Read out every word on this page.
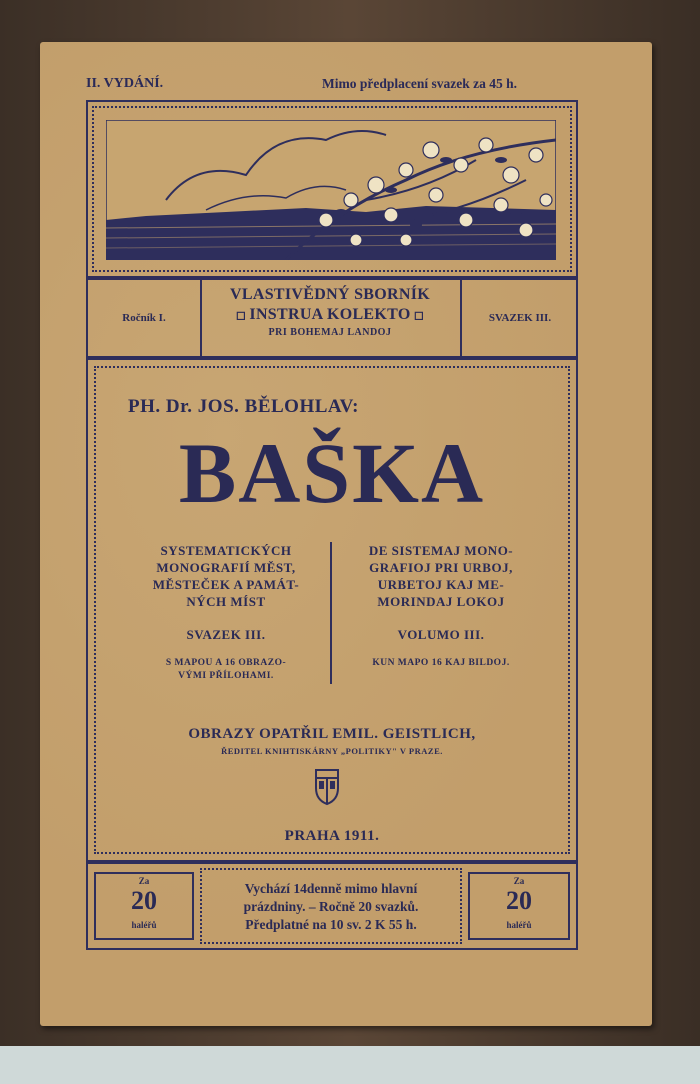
II. VYDÁNÍ.	Mimo předplacení svazek za 45 h.
Ročník I.
VLASTIVĚDNÝ SBORNÍK
◻ INSTRUA KOLEKTO ◻
PRI BOHEMAJ LANDOJ
SVAZEK III.
PH. Dr. JOS. BĚLOHLAV:
BAŠKA
SYSTEMATICKÝCH
MONOGRAFIÍ MĚST,
MĚSTEČEK A PAMÁT-
NÝCH MÍST
SVAZEK III.
S MAPOU A 16 OBRAZO-
VÝMI PŘÍLOHAMI.
DE SISTEMAJ MONO-
GRAFIOJ PRI URBOJ,
URBETOJ KAJ ME-
MORINDAJ LOKOJ
VOLUMO III.
KUN MAPO 16 KAJ BILDOJ.
OBRAZY OPATŘIL EMIL. GEISTLICH,
ŘEDITEL KNIHTISKÁRNY „POLITIKY" V PRAZE.
PRAHA 1911.
Za
20
haléřů
Vychází 14denně mimo hlavní
prázdniny. – Ročně 20 svazků.
Předplatné na 10 sv. 2 K 55 h.
Za
20
haléřů
